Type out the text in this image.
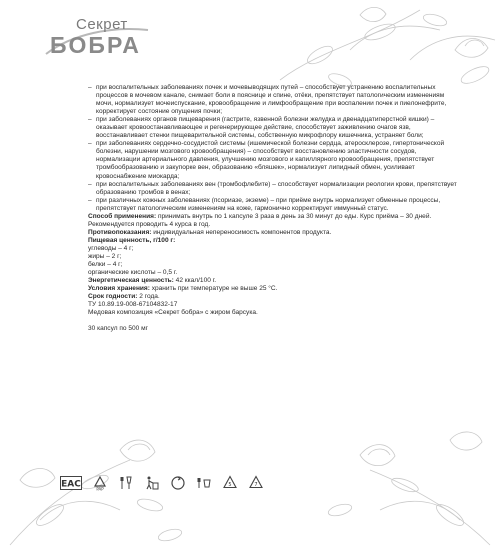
Секрет
БОБРА
– при воспалительных заболеваниях почек и мочевыводящих путей – способствует устранению воспалительных процессов в мочевом канале, снимает боли в пояснице и спине, отёки, препятствует патологическим изменениям мочи, нормализует мочеиспускание, кровообращение и лимфообращение при воспалении почек и пиелонефрите, корректирует состояние опущения почки;
– при заболеваниях органов пищеварения (гастрите, язвенной болезни желудка и двенадцатиперстной кишки) – оказывает кровоостанавливающее и регенерирующее действие, способствует заживлению очагов язв, восстанавливает стенки пищеварительной системы, собственную микрофлору кишечника, устраняет боли;
– при заболеваниях сердечно-сосудистой системы (ишемической болезни сердца, атеросклерозе, гипертонической болезни, нарушении мозгового кровообращения) – способствует восстановлению эластичности сосудов, нормализации артериального давления, улучшению мозгового и капиллярного кровообращения, препятствует тромбообразованию и закупорке вен, образованию «бляшек», нормализует липидный обмен, усиливает кровоснабжение миокарда;
– при воспалительных заболеваниях вен (тромбофлебите) – способствует нормализации реологии крови, препятствует образованию тромбов в венах;
– при различных кожных заболеваниях (псориазе, экземе) – при приёме внутрь нормализует обменные процессы, препятствует патологическим изменениям на коже, гармонично корректирует иммунный статус.

Способ применения: принимать внутрь по 1 капсуле 3 раза в день за 30 минут до еды. Курс приёма – 30 дней. Рекомендуется проводить 4 курса в год.

Противопоказания: индивидуальная непереносимость компонентов продукта.

Пищевая ценность, г/100 г:

углеводы – 4 г;

жиры – 2 г;

белки – 4 г;

органические кислоты – 0,5 г.

Энергетическая ценность: 42 ккал/100 г.

Условия хранения: хранить при температуре не выше 25 °С.

Срок годности: 2 года.

ТУ 10.89.19-008-67104832-17

Медовая композиция «Секрет бобра» с жиром барсука.

30 капсул по 500 мг

EAC	PAP
5	7
